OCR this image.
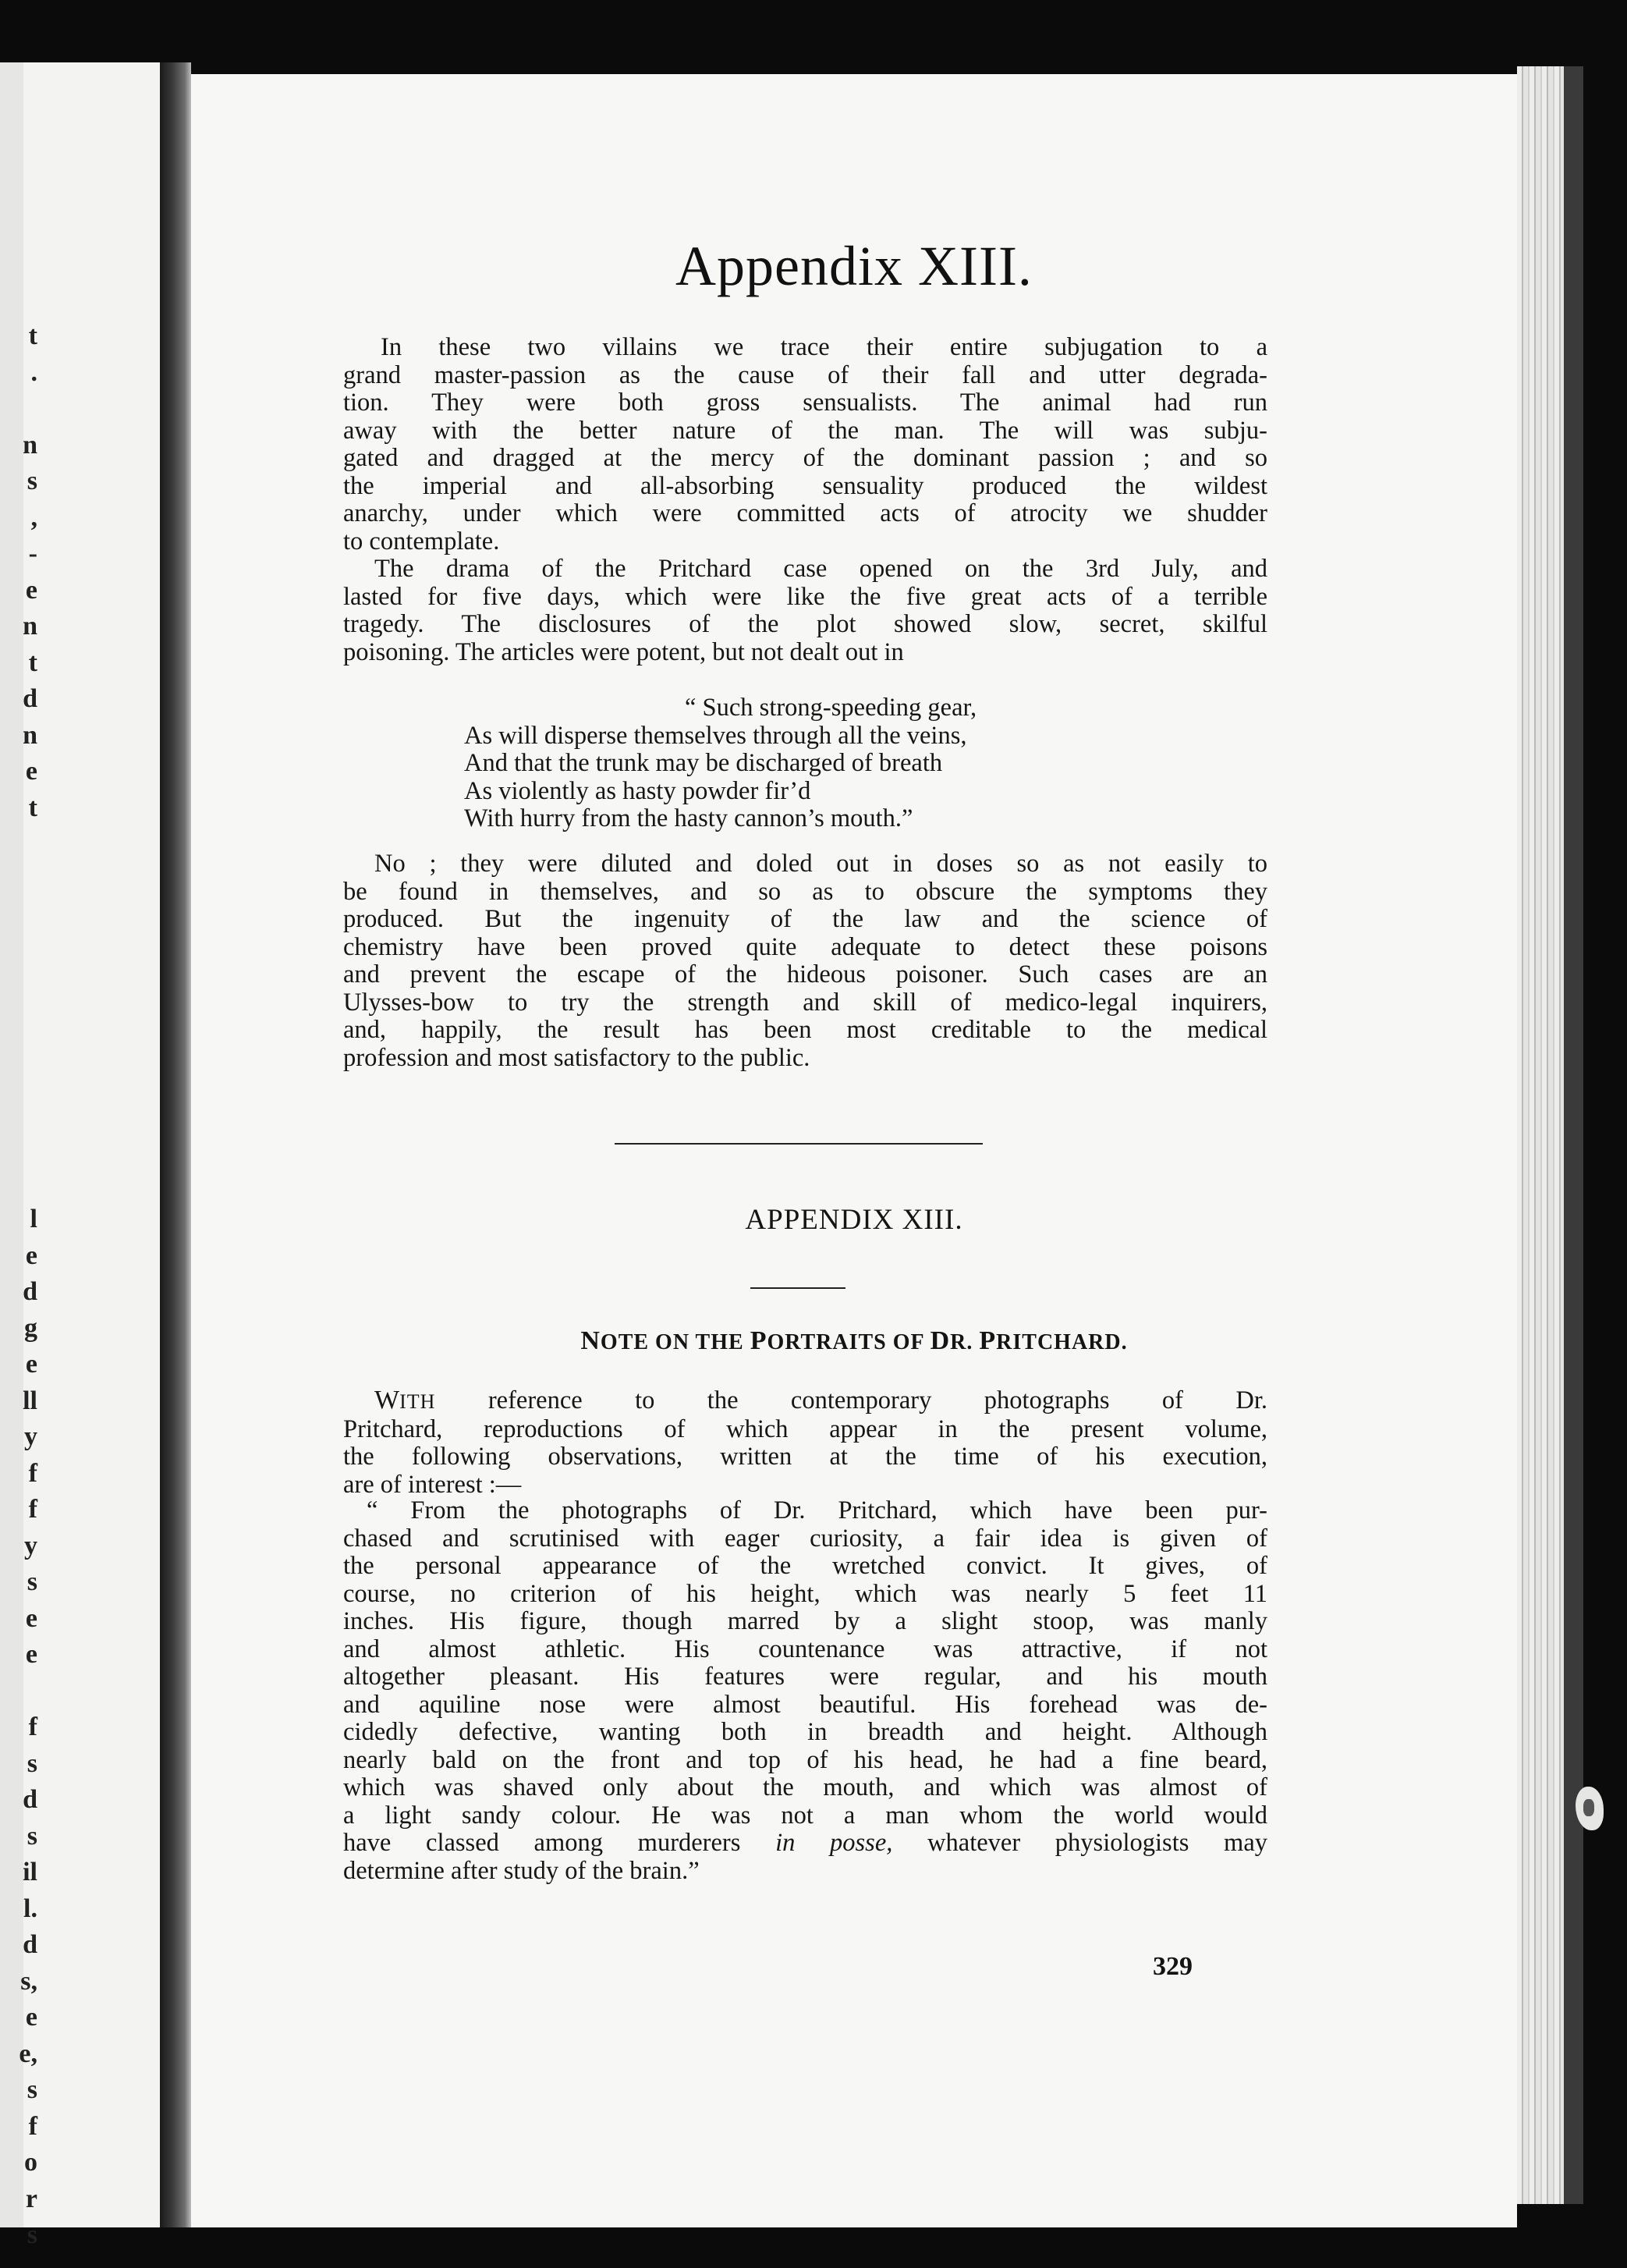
t
.

n
s
,
-
e
n
t
d
n
e
t
l
e
d
g
e
ll
y
f
f
y
s
e
e

f
s
d
s
il
l.
d
s,
e
e,
s
f
o
r
s
Appendix XIII.
In these two villains we trace their entire subjugation to a
grand master-passion as the cause of their fall and utter degrada-
tion. They were both gross sensualists. The animal had run
away with the better nature of the man. The will was subju-
gated and dragged at the mercy of the dominant passion ; and so
the imperial and all-absorbing sensuality produced the wildest
anarchy, under which were committed acts of atrocity we shudder
to contemplate.
The drama of the Pritchard case opened on the 3rd July, and
lasted for five days, which were like the five great acts of a terrible
tragedy. The disclosures of the plot showed slow, secret, skilful
poisoning. The articles were potent, but not dealt out in
“ Such strong-speeding gear,
As will disperse themselves through all the veins,
And that the trunk may be discharged of breath
As violently as hasty powder fir’d
With hurry from the hasty cannon’s mouth.”
No ; they were diluted and doled out in doses so as not easily to
be found in themselves, and so as to obscure the symptoms they
produced. But the ingenuity of the law and the science of
chemistry have been proved quite adequate to detect these poisons
and prevent the escape of the hideous poisoner. Such cases are an
Ulysses-bow to try the strength and skill of medico-legal inquirers,
and, happily, the result has been most creditable to the medical
profession and most satisfactory to the public.
APPENDIX XIII.
NOTE ON THE PORTRAITS OF DR. PRITCHARD.
WITH reference to the contemporary photographs of Dr.
Pritchard, reproductions of which appear in the present volume,
the following observations, written at the time of his execution,
are of interest :—
“ From the photographs of Dr. Pritchard, which have been pur-
chased and scrutinised with eager curiosity, a fair idea is given of
the personal appearance of the wretched convict. It gives, of
course, no criterion of his height, which was nearly 5 feet 11
inches. His figure, though marred by a slight stoop, was manly
and almost athletic. His countenance was attractive, if not
altogether pleasant. His features were regular, and his mouth
and aquiline nose were almost beautiful. His forehead was de-
cidedly defective, wanting both in breadth and height. Although
nearly bald on the front and top of his head, he had a fine beard,
which was shaved only about the mouth, and which was almost of
a light sandy colour. He was not a man whom the world would
have classed among murderers in posse, whatever physiologists may
determine after study of the brain.”
329
